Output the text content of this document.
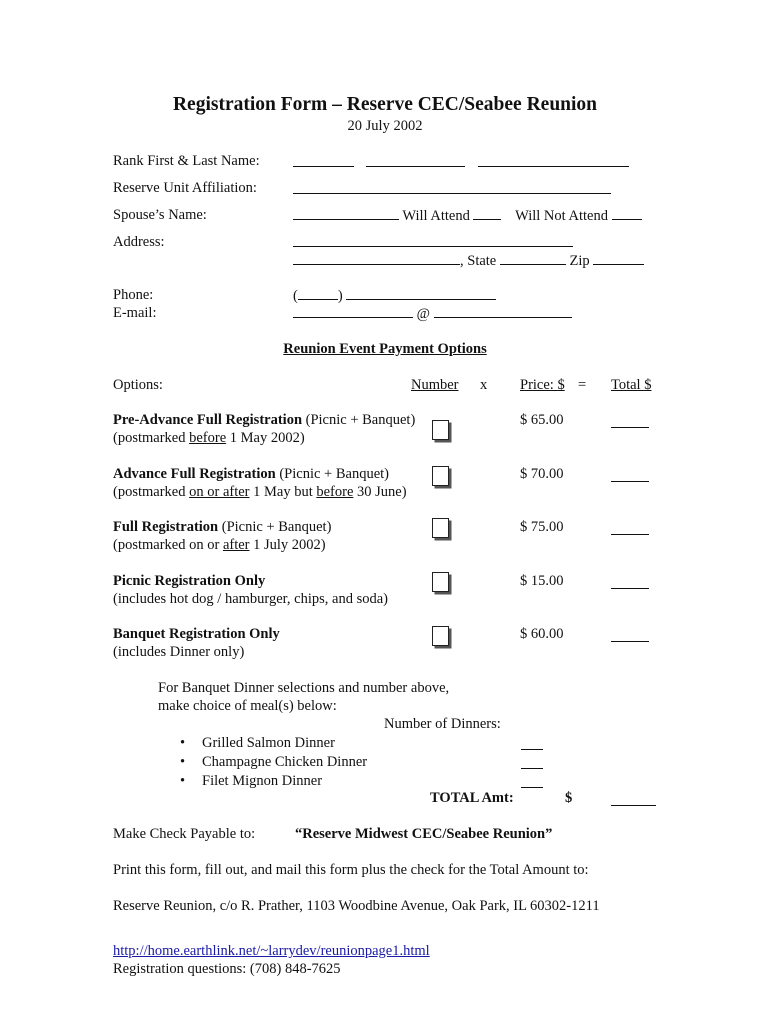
Registration Form – Reserve CEC/Seabee Reunion
20 July 2002
Rank First & Last Name:

Reserve Unit Affiliation:
Spouse’s Name:	Will Attend	Will Not Attend
Address:
, State	Zip
Phone:	(	)
E-mail:	@
Reunion Event Payment Options
Options:	Number x Price: $ = Total $
Pre-Advance Full Registration (Picnic + Banquet)
(postmarked before 1 May 2002)
$ 65.00
Advance Full Registration (Picnic + Banquet)
(postmarked on or after 1 May but before 30 June)
$ 70.00
Full Registration (Picnic + Banquet)
(postmarked on or after 1 July 2002)
$ 75.00
Picnic Registration Only
(includes hot dog / hamburger, chips, and soda)
$ 15.00
Banquet Registration Only
(includes Dinner only)
$ 60.00
For Banquet Dinner selections and number above,
make choice of meal(s) below:
Number of Dinners:
• Grilled Salmon Dinner
• Champagne Chicken Dinner
• Filet Mignon Dinner
TOTAL Amt:	$
Make Check Payable to:	“Reserve Midwest CEC/Seabee Reunion”
Print this form, fill out, and mail this form plus the check for the Total Amount to:
Reserve Reunion, c/o R. Prather, 1103 Woodbine Avenue, Oak Park, IL 60302-1211
http://home.earthlink.net/~larrydev/reunionpage1.html
Registration questions: (708) 848-7625
